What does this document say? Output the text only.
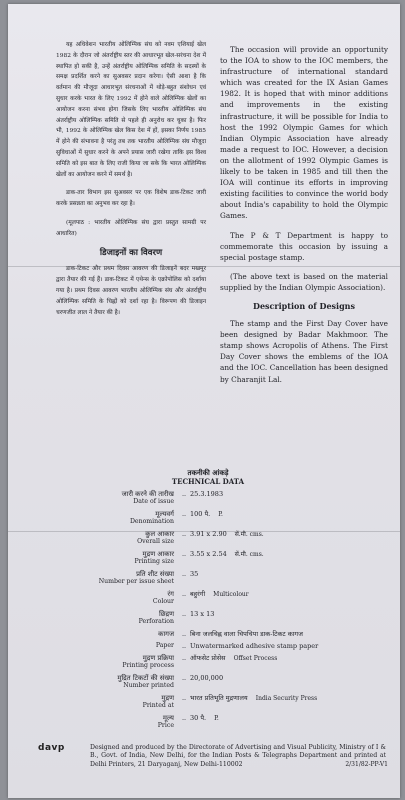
यह अधिवेशन भारतीय ओलिम्पिक संघ को नवम एशियाई खेल 1982 के दौरान जो अंतर्राष्ट्रीय स्तर की आधारभूत खेल-सरंचना देश में स्थापित हो सकी है, उन्हें अंतर्राष्ट्रीय ओलिम्पिक समिति के सदस्यों के समक्ष प्रदर्शित करने का सुअवसर प्रदान करेगा। ऐसी आशा है कि वर्तमान की मौजूदा आधारभूत संरचनाओं में थोड़े-बहुत संशोधन एवं सुधार करके भारत के लिए 1992 में होने वाले ओलिम्पिक खेलों का आयोजन करना संभव होगा जिसके लिए भारतीय ओलिम्पिक संघ अंतर्राष्ट्रीय ओलिम्पिक समिति से पहले ही अनुरोध कर चुका है। फिर भी, 1992 के ओलिम्पिक खेल किस देश में हों, इसका निर्णय 1985 में होने की संभावना है परंतु तब तक भारतीय ओलिम्पिक संघ मौजूदा सुविधाओं में सुधार करने के अपने प्रयास जारी रखेगा ताकि इस विश्व समिति को इस बात के लिए राजी किया जा सके कि भारत ओलिम्पिक खेलों का आयोजन करने में समर्थ है।

डाक-तार विभाग इस सुअवसर पर एक विशेष डाक-टिकट जारी करके प्रसन्नता का अनुभव कर रहा है।

(मूलपाठ : भारतीय ओलिम्पिक संघ द्वारा प्रस्तुत सामग्री पर आधारित)

डिजाइनों का विवरण

डाक-टिकट और प्रथम दिवस आवरण की डिजाइनें बदर मखमूर द्वारा तैयार की गई हैं। डाक-टिकट में एथेन्स के एक्रोपोलिस को दर्शाया गया है। प्रथम दिवस आवरण भारतीय ओलिम्पिक संघ और अंतर्राष्ट्रीय ओलिम्पिक समिति के चिह्नों को दर्शा रहा है। विरूपण की डिजाइन चरणजीत लाल ने तैयार की है।

The occasion will provide an opportunity to the IOA to show to the IOC members, the infrastructure of international standard which was created for the IX Asian Games 1982. It is hoped that with minor additions and improvements in the existing infrastructure, it will be possible for India to host the 1992 Olympic Games for which Indian Olympic Association have already made a request to IOC. However, a decision on the allotment of 1992 Olympic Games is likely to be taken in 1985 and till then the IOA will continue its efforts in improving existing facilities to convince the world body about India's capability to hold the Olympic Games.

The P & T Department is happy to commemorate this occasion by issuing a special postage stamp.

(The above text is based on the material supplied by the Indian Olympic Association).

Description of Designs

The stamp and the First Day Cover have been designed by Badar Makhmoor. The stamp shows Acropolis of Athens. The First Day Cover shows the emblems of the IOA and the IOC. Cancellation has been designed by Charanjit Lal.

तकनीकी आंकड़े
TECHNICAL DATA
जारी करने की तारीख
Date of issue
.. 25.3.1983
मूल्यवर्ग
Denomination
.. 100 पै. P.
कुल आकार
Overall size
.. 3.91 x 2.90 सें.मी. cms.
मुद्रण आकार
Printing size
.. 3.55 x 2.54 सें.मी. cms.
प्रति शीट संख्या
Number per issue sheet
.. 35
रंग
Colour
.. बहुरंगी Multicolour
छिद्रण
Perforation
.. 13 x 13
कागज	.. बिना जलचिह्न वाला चिपचिपा डाक-टिकट कागज
Paper	.. Unwatermarked adhesive stamp paper
मुद्रण प्रक्रिया
Printing process
.. ऑफसेट प्रोसेस Offset Process
मुद्रित टिकटों की संख्या
Number printed
.. 20,00,000
मुद्रण
Printed at
.. भारत प्रतिभूति मुद्रणालय India Security Press
मूल्य
Price
.. 30 पै. P.
davp	Designed and produced by the Directorate of Advertising and Visual Publicity, Ministry of I & B., Govt. of India, New Delhi, for the Indian Posts & Telegraphs Department and printed at Delhi Printers, 21 Daryaganj, New Delhi-110002	2/31/82-PP-V1
